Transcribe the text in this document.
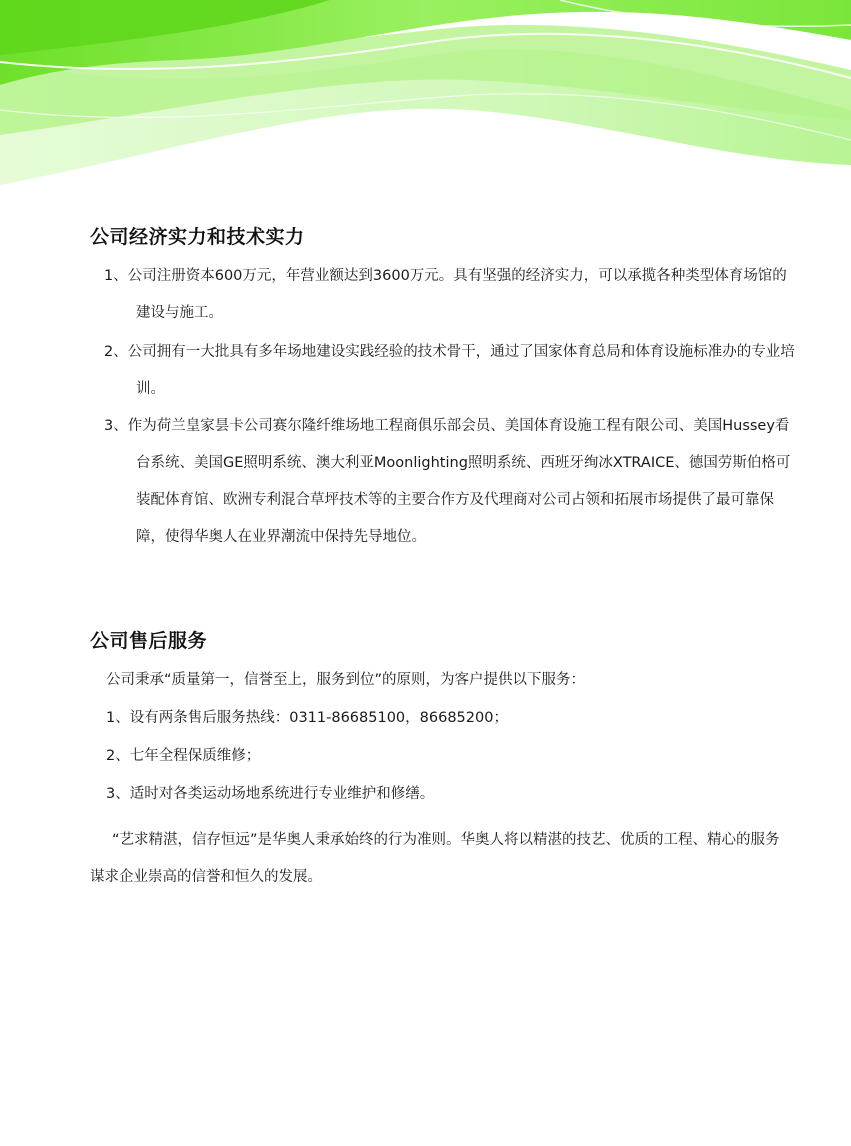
公司经济实力和技术实力
1、公司注册资本600万元，年营业额达到3600万元。具有坚强的经济实力，可以承揽各种类型体育场馆的建设与施工。
2、公司拥有一大批具有多年场地建设实践经验的技术骨干，通过了国家体育总局和体育设施标准办的专业培训。
3、作为荷兰皇家昙卡公司赛尔隆纤维场地工程商俱乐部会员、美国体育设施工程有限公司、美国Hussey看台系统、美国GE照明系统、澳大利亚Moonlighting照明系统、西班牙绚冰XTRAICE、德国劳斯伯格可装配体育馆、欧洲专利混合草坪技术等的主要合作方及代理商对公司占领和拓展市场提供了最可靠保障，使得华奥人在业界潮流中保持先导地位。
公司售后服务
公司秉承“质量第一，信誉至上，服务到位”的原则，为客户提供以下服务：
1、设有两条售后服务热线：0311-86685100，86685200；
2、七年全程保质维修；
3、适时对各类运动场地系统进行专业维护和修缮。
“艺求精湛，信存恒远”是华奥人秉承始终的行为准则。华奥人将以精湛的技艺、优质的工程、精心的服务谋求企业崇高的信誉和恒久的发展。
